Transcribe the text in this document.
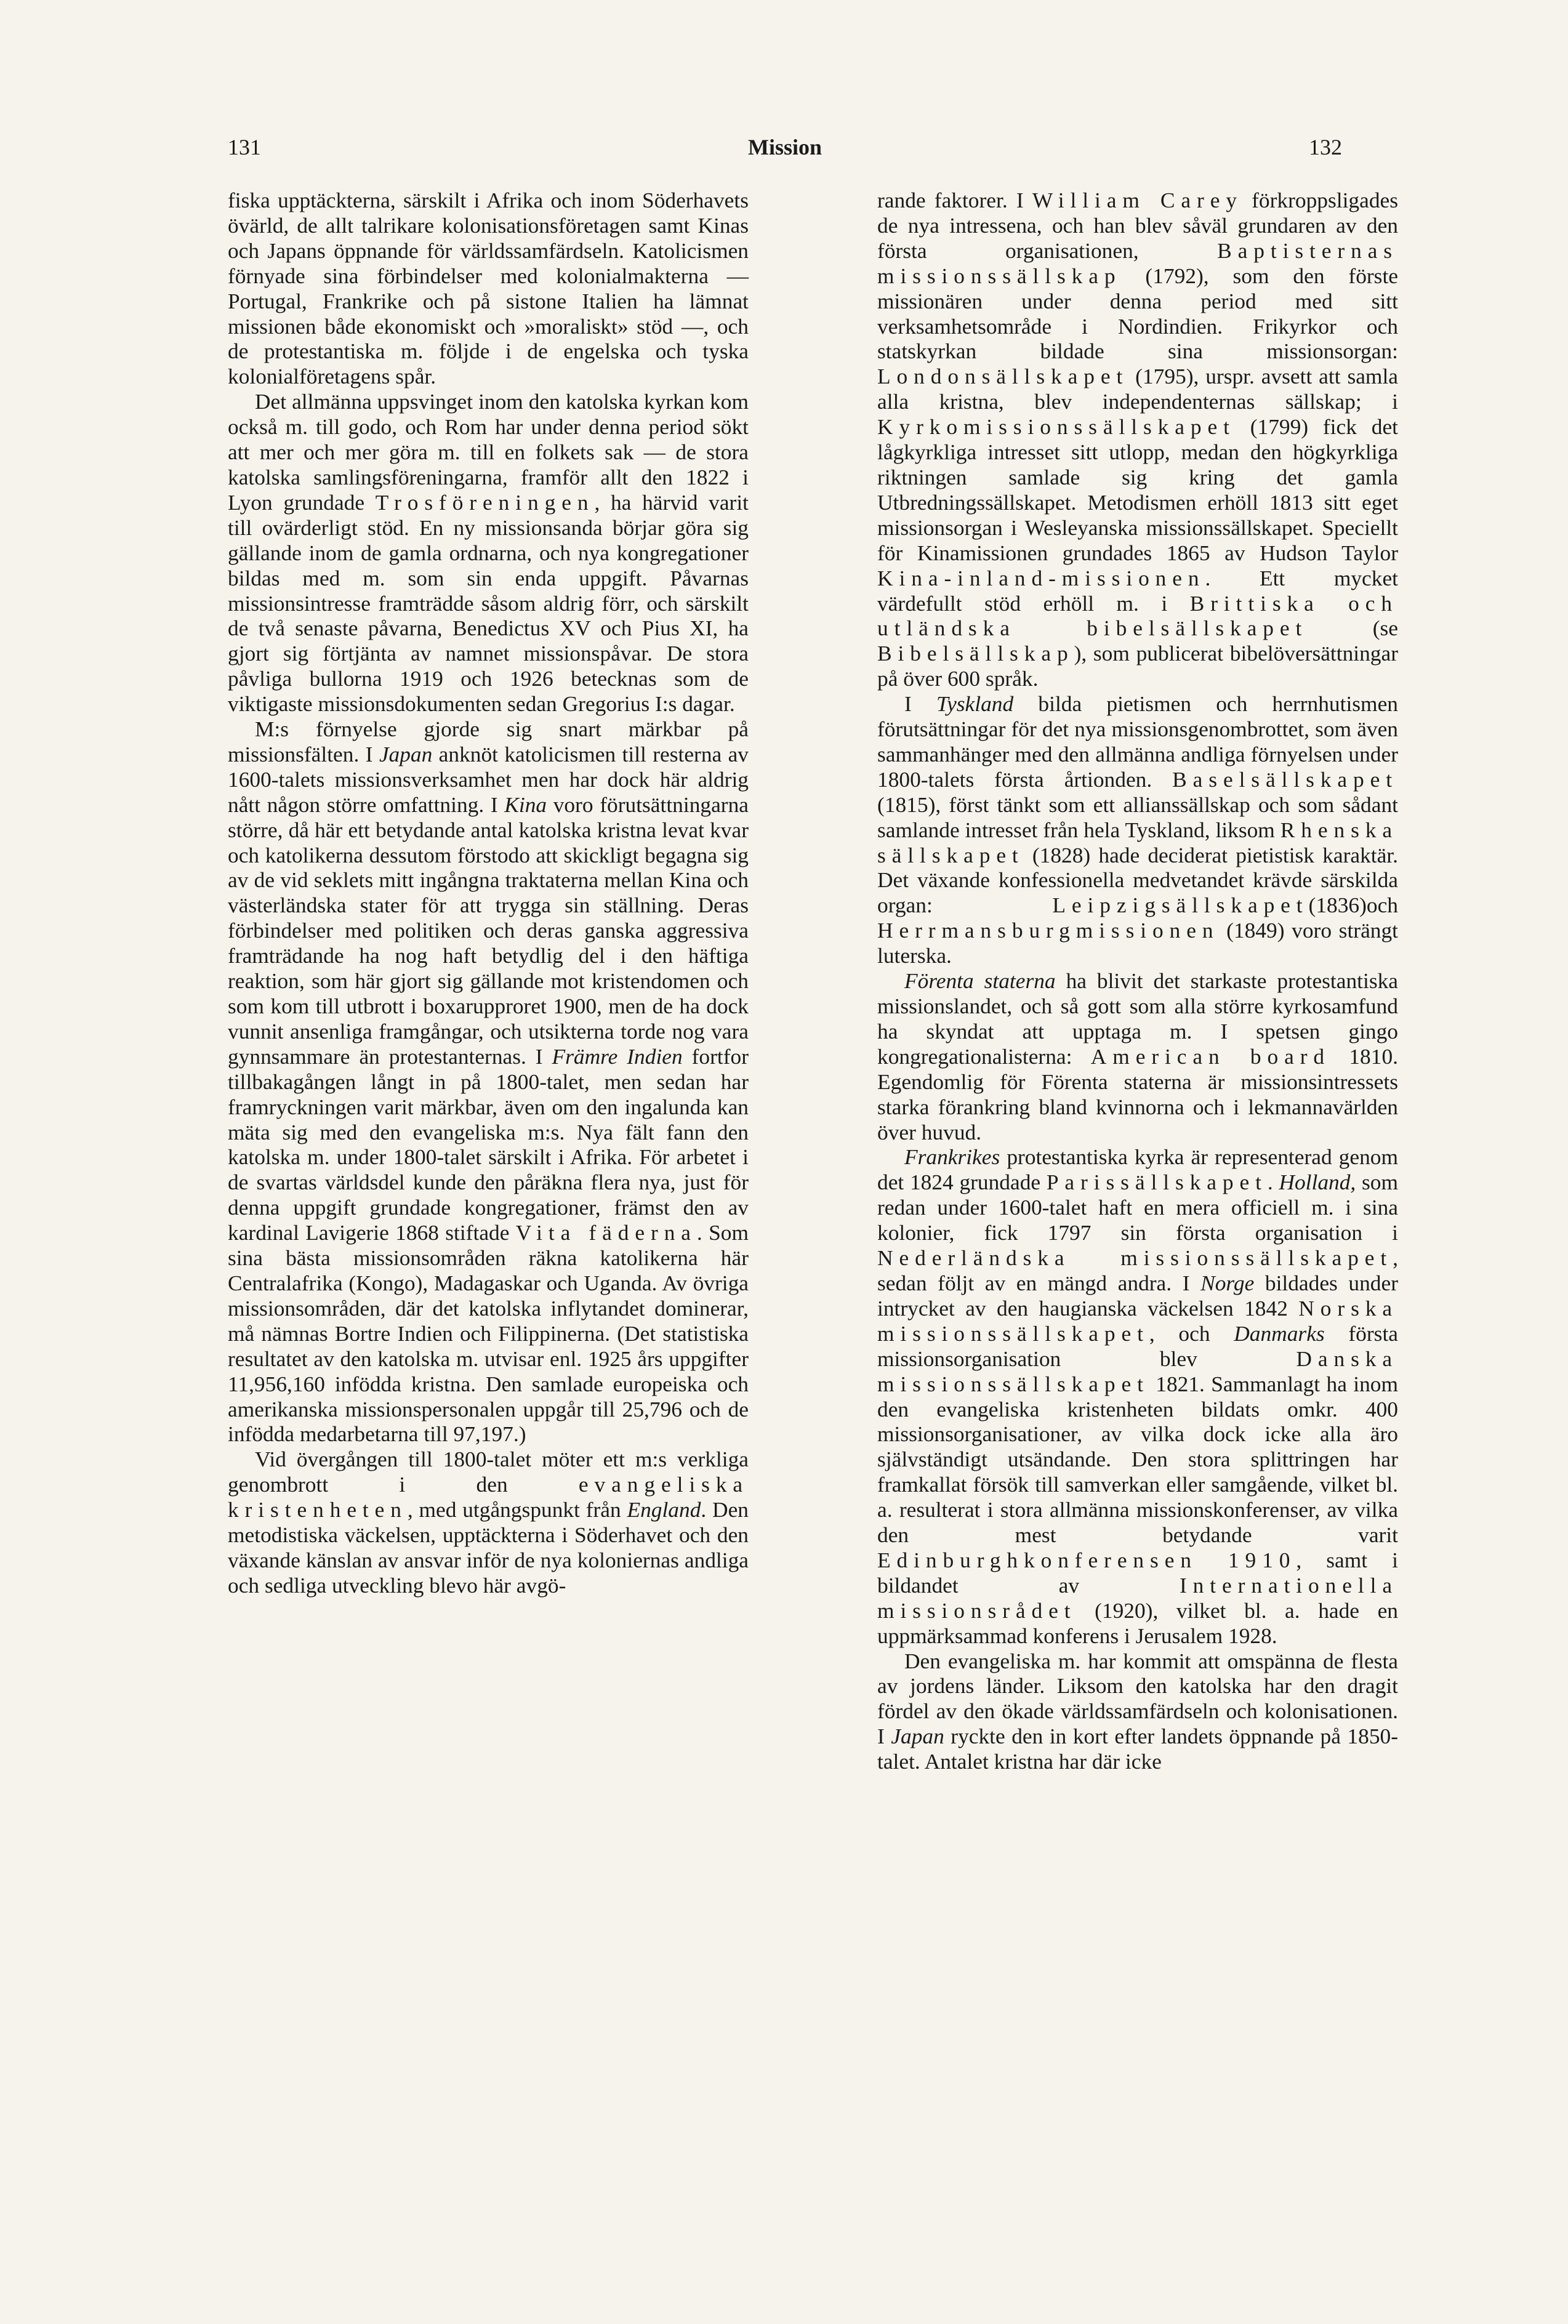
131	Mission	132

fiska upptäckterna, särskilt i Afrika och inom Söderhavets övärld, de allt talrikare kolonisationsföretagen samt Kinas och Japans öppnande för världssamfärdseln. Katolicismen förnyade sina förbindelser med kolonialmakterna — Portugal, Frankrike och på sistone Italien ha lämnat missionen både ekonomiskt och »moraliskt» stöd —, och de protestantiska m. följde i de engelska och tyska kolonialföretagens spår.

Det allmänna uppsvinget inom den katolska kyrkan kom också m. till godo, och Rom har under denna period sökt att mer och mer göra m. till en folkets sak — de stora katolska samlingsföreningarna, framför allt den 1822 i Lyon grundade Trosföreningen, ha härvid varit till ovärderligt stöd. En ny missionsanda börjar göra sig gällande inom de gamla ordnarna, och nya kongregationer bildas med m. som sin enda uppgift. Påvarnas missionsintresse framträdde såsom aldrig förr, och särskilt de två senaste påvarna, Benedictus XV och Pius XI, ha gjort sig förtjänta av namnet missionspåvar. De stora påvliga bullorna 1919 och 1926 betecknas som de viktigaste missionsdokumenten sedan Gregorius I:s dagar.

M:s förnyelse gjorde sig snart märkbar på missionsfälten. I Japan anknöt katolicismen till resterna av 1600-talets missionsverksamhet men har dock här aldrig nått någon större omfattning. I Kina voro förutsättningarna större, då här ett betydande antal katolska kristna levat kvar och katolikerna dessutom förstodo att skickligt begagna sig av de vid seklets mitt ingångna traktaterna mellan Kina och västerländska stater för att trygga sin ställning. Deras förbindelser med politiken och deras ganska aggressiva framträdande ha nog haft betydlig del i den häftiga reaktion, som här gjort sig gällande mot kristendomen och som kom till utbrott i boxarupproret 1900, men de ha dock vunnit ansenliga framgångar, och utsikterna torde nog vara gynnsammare än protestanternas. I Främre Indien fortfor tillbakagången långt in på 1800-talet, men sedan har framryckningen varit märkbar, även om den ingalunda kan mäta sig med den evangeliska m:s. Nya fält fann den katolska m. under 1800-talet särskilt i Afrika. För arbetet i de svartas världsdel kunde den påräkna flera nya, just för denna uppgift grundade kongregationer, främst den av kardinal Lavigerie 1868 stiftade Vita fäderna. Som sina bästa missionsområden räkna katolikerna här Centralafrika (Kongo), Madagaskar och Uganda. Av övriga missionsområden, där det katolska inflytandet dominerar, må nämnas Bortre Indien och Filippinerna. (Det statistiska resultatet av den katolska m. utvisar enl. 1925 års uppgifter 11,956,160 infödda kristna. Den samlade europeiska och amerikanska missionspersonalen uppgår till 25,796 och de infödda medarbetarna till 97,197.)

Vid övergången till 1800-talet möter ett m:s verkliga genombrott i den evangeliska kristenheten, med utgångspunkt från England. Den metodistiska väckelsen, upptäckterna i Söderhavet och den växande känslan av ansvar inför de nya koloniernas andliga och sedliga utveckling blevo här avgö-

rande faktorer. I William Carey förkroppsligades de nya intressena, och han blev såväl grundaren av den första organisationen, Baptisternas missionssällskap (1792), som den förste missionären under denna period med sitt verksamhetsområde i Nordindien. Frikyrkor och statskyrkan bildade sina missionsorgan: Londonsällskapet (1795), urspr. avsett att samla alla kristna, blev independenternas sällskap; i Kyrkomissionssällskapet (1799) fick det lågkyrkliga intresset sitt utlopp, medan den högkyrkliga riktningen samlade sig kring det gamla Utbredningssällskapet. Metodismen erhöll 1813 sitt eget missionsorgan i Wesleyanska missionssällskapet. Speciellt för Kinamissionen grundades 1865 av Hudson Taylor Kina-inland-missionen. Ett mycket värdefullt stöd erhöll m. i Brittiska och utländska bibelsällskapet (se Bibelsällskap), som publicerat bibelöversättningar på över 600 språk.

I Tyskland bilda pietismen och herrnhutismen förutsättningar för det nya missionsgenombrottet, som även sammanhänger med den allmänna andliga förnyelsen under 1800-talets första årtionden. Baselsällskapet (1815), först tänkt som ett allianssällskap och som sådant samlande intresset från hela Tyskland, liksom Rhenska sällskapet (1828) hade deciderat pietistisk karaktär. Det växande konfessionella medvetandet krävde särskilda organ: Leipzigsällskapet(1836)och Herrmansburgmissionen (1849) voro strängt luterska.

Förenta staterna ha blivit det starkaste protestantiska missionslandet, och så gott som alla större kyrkosamfund ha skyndat att upptaga m. I spetsen gingo kongregationalisterna: American board 1810. Egendomlig för Förenta staterna är missionsintressets starka förankring bland kvinnorna och i lekmannavärlden över huvud.

Frankrikes protestantiska kyrka är representerad genom det 1824 grundade Parissällskapet. Holland, som redan under 1600-talet haft en mera officiell m. i sina kolonier, fick 1797 sin första organisation i Nederländska missionssällskapet, sedan följt av en mängd andra. I Norge bildades under intrycket av den haugianska väckelsen 1842 Norska missionssällskapet, och Danmarks första missionsorganisation blev Danska missionssällskapet 1821. Sammanlagt ha inom den evangeliska kristenheten bildats omkr. 400 missionsorganisationer, av vilka dock icke alla äro självständigt utsändande. Den stora splittringen har framkallat försök till samverkan eller samgående, vilket bl. a. resulterat i stora allmänna missionskonferenser, av vilka den mest betydande varit Edinburghkonferensen 1910, samt i bildandet av Internationella missionsrådet (1920), vilket bl. a. hade en uppmärksammad konferens i Jerusalem 1928.

Den evangeliska m. har kommit att omspänna de flesta av jordens länder. Liksom den katolska har den dragit fördel av den ökade världssamfärdseln och kolonisationen. I Japan ryckte den in kort efter landets öppnande på 1850-talet. Antalet kristna har där icke
